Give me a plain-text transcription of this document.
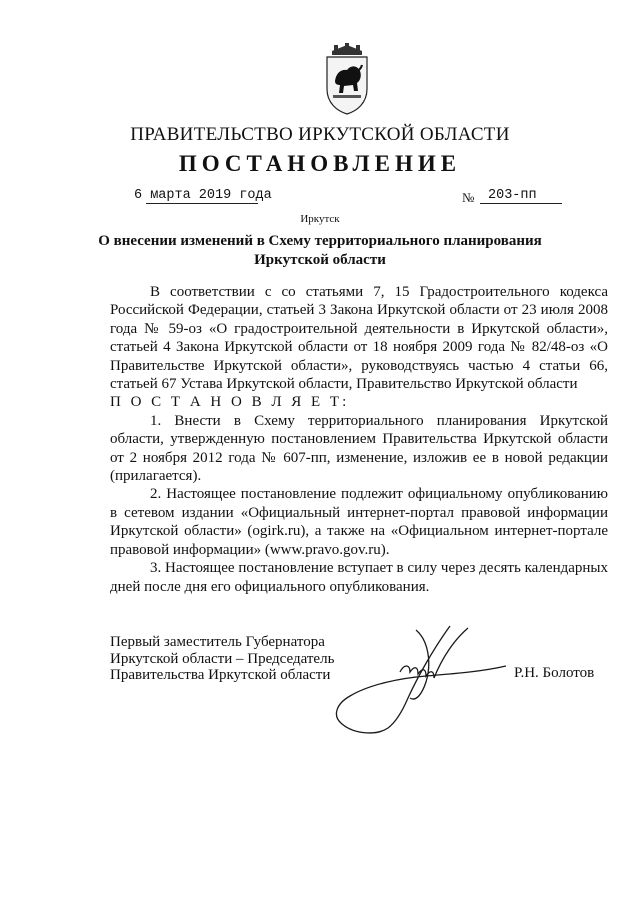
ПРАВИТЕЛЬСТВО ИРКУТСКОЙ ОБЛАСТИ
ПОСТАНОВЛЕНИЕ
6 марта 2019 года	№ 203-пп
Иркутск
О внесении изменений в Схему территориального планирования
Иркутской области

В соответствии с со статьями 7, 15 Градостроительного кодекса Российской Федерации, статьей 3 Закона Иркутской области от 23 июля 2008 года № 59-оз «О градостроительной деятельности в Иркутской области», статьей 4 Закона Иркутской области от 18 ноября 2009 года № 82/48-оз «О Правительстве Иркутской области», руководствуясь частью 4 статьи 66, статьей 67 Устава Иркутской области, Правительство Иркутской области

П О С Т А Н О В Л Я Е Т:

1. Внести в Схему территориального планирования Иркутской области, утвержденную постановлением Правительства Иркутской области от 2 ноября 2012 года № 607-пп, изменение, изложив ее в новой редакции (прилагается).

2. Настоящее постановление подлежит официальному опубликованию в сетевом издании «Официальный интернет-портал правовой информации Иркутской области» (ogirk.ru), а также на «Официальном интернет-портале правовой информации» (www.pravo.gov.ru).

3. Настоящее постановление вступает в силу через десять календарных дней после дня его официального опубликования.

Первый заместитель Губернатора
Иркутской области – Председатель
Правительства Иркутской области	Р.Н. Болотов
